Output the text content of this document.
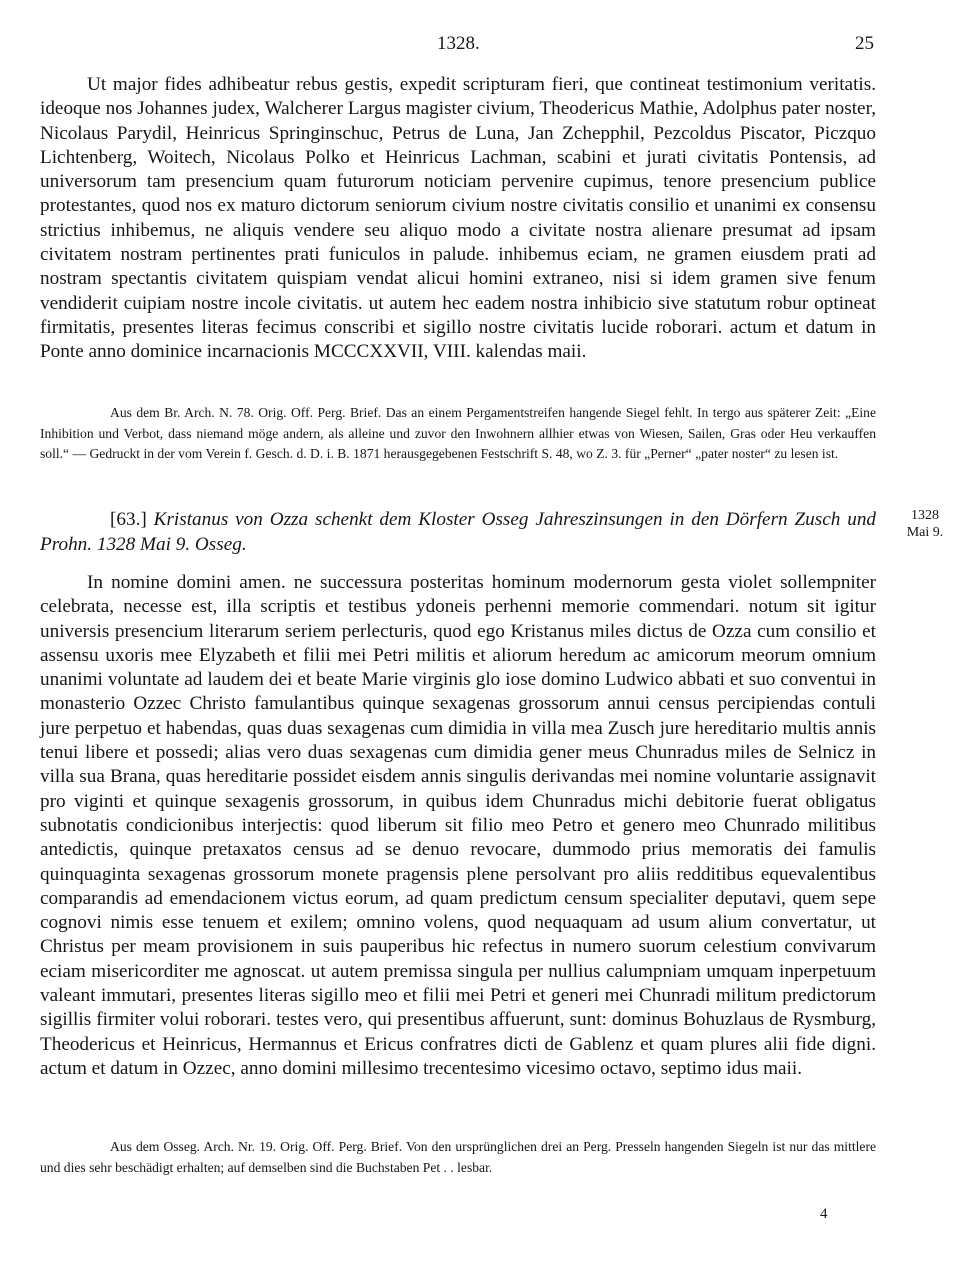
1328.	25

Ut major fides adhibeatur rebus gestis, expedit scripturam fieri, que contineat testimonium veritatis. ideoque nos Johannes judex, Walcherer Largus magister civium, Theodericus Mathie, Adolphus pater noster, Nicolaus Parydil, Heinricus Springinschuc, Petrus de Luna, Jan Zchepphil, Pezcoldus Piscator, Piczquo Lichtenberg, Woitech, Nicolaus Polko et Heinricus Lachman, scabini et jurati civitatis Pontensis, ad universorum tam presencium quam futurorum noticiam pervenire cupimus, tenore presencium publice protestantes, quod nos ex maturo dictorum seniorum civium nostre civitatis consilio et unanimi ex consensu strictius inhibemus, ne aliquis vendere seu aliquo modo a civitate nostra alienare presumat ad ipsam civitatem nostram pertinentes prati funiculos in palude. inhibemus eciam, ne gramen eiusdem prati ad nostram spectantis civitatem quispiam vendat alicui homini extraneo, nisi si idem gramen sive fenum vendiderit cuipiam nostre incole civitatis. ut autem hec eadem nostra inhibicio sive statutum robur optineat firmitatis, presentes literas fecimus conscribi et sigillo nostre civitatis lucide roborari. actum et datum in Ponte anno dominice incarnacionis MCCCXXVII, VIII. kalendas maii.

Aus dem Br. Arch. N. 78. Orig. Off. Perg. Brief. Das an einem Pergamentstreifen hangende Siegel fehlt. In tergo aus späterer Zeit: „Eine Inhibition und Verbot, dass niemand möge andern, als alleine und zuvor den Inwohnern allhier etwas von Wiesen, Sailen, Gras oder Heu verkauffen soll.“ — Gedruckt in der vom Verein f. Gesch. d. D. i. B. 1871 herausgegebenen Festschrift S. 48, wo Z. 3. für „Perner“ „pater noster“ zu lesen ist.

[63.] Kristanus von Ozza schenkt dem Kloster Osseg Jahreszinsungen in den Dörfern Zusch und Prohn. 1328 Mai 9. Osseg.

1328
Mai 9.

In nomine domini amen. ne successura posteritas hominum modernorum gesta violet sollempniter celebrata, necesse est, illa scriptis et testibus ydoneis perhenni memorie commendari. notum sit igitur universis presencium literarum seriem perlecturis, quod ego Kristanus miles dictus de Ozza cum consilio et assensu uxoris mee Elyzabeth et filii mei Petri militis et aliorum heredum ac amicorum meorum omnium unanimi voluntate ad laudem dei et beate Marie virginis glo iose domino Ludwico abbati et suo conventui in monasterio Ozzec Christo famulantibus quinque sexagenas grossorum annui census percipiendas contuli jure perpetuo et habendas, quas duas sexagenas cum dimidia in villa mea Zusch jure hereditario multis annis tenui libere et possedi; alias vero duas sexagenas cum dimidia gener meus Chunradus miles de Selnicz in villa sua Brana, quas hereditarie possidet eisdem annis singulis derivandas mei nomine voluntarie assignavit pro viginti et quinque sexagenis grossorum, in quibus idem Chunradus michi debitorie fuerat obligatus subnotatis condicionibus interjectis: quod liberum sit filio meo Petro et genero meo Chunrado militibus antedictis, quinque pretaxatos census ad se denuo revocare, dummodo prius memoratis dei famulis quinquaginta sexagenas grossorum monete pragensis plene persolvant pro aliis redditibus equevalentibus comparandis ad emendacionem victus eorum, ad quam predictum censum specialiter deputavi, quem sepe cognovi nimis esse tenuem et exilem; omnino volens, quod nequaquam ad usum alium convertatur, ut Christus per meam provisionem in suis pauperibus hic refectus in numero suorum celestium convivarum eciam misericorditer me agnoscat. ut autem premissa singula per nullius calumpniam umquam inperpetuum valeant immutari, presentes literas sigillo meo et filii mei Petri et generi mei Chunradi militum predictorum sigillis firmiter volui roborari. testes vero, qui presentibus affuerunt, sunt: dominus Bohuzlaus de Rysmburg, Theodericus et Heinricus, Hermannus et Ericus confratres dicti de Gablenz et quam plures alii fide digni. actum et datum in Ozzec, anno domini millesimo trecentesimo vicesimo octavo, septimo idus maii.

Aus dem Osseg. Arch. Nr. 19. Orig. Off. Perg. Brief. Von den ursprünglichen drei an Perg. Presseln hangenden Siegeln ist nur das mittlere und dies sehr beschädigt erhalten; auf demselben sind die Buchstaben Pet . . lesbar.

4
